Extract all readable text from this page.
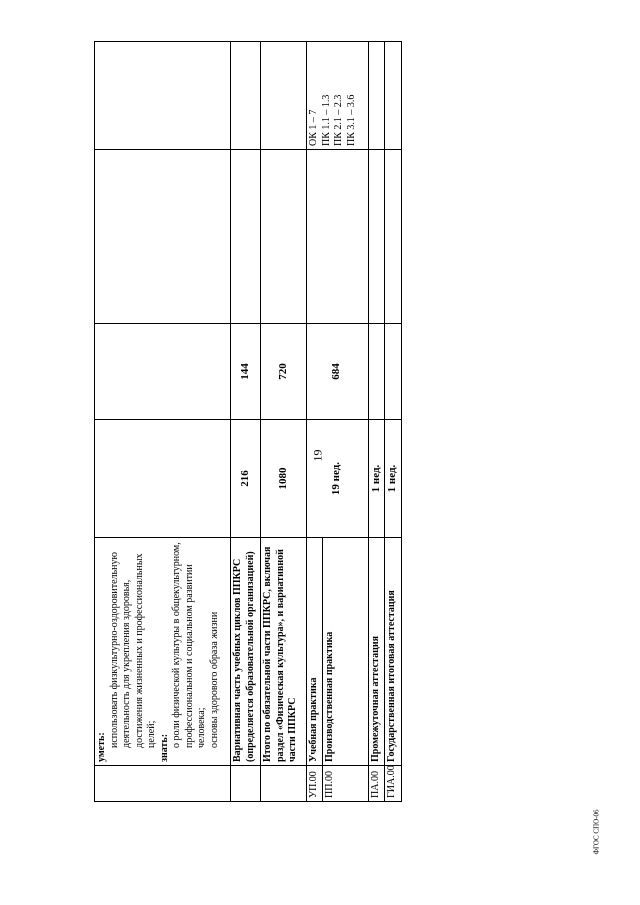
19
ФГОС СПО-06

	уметь: использовать физкультурно-оздоровительную деятельность для укрепления здоровья, достижения жизненных и профессиональных целей; знать: о роли физической культуры в общекультурном, профессиональном и социальном развитии человека; основы здорового образа жизни				

	Вариативная часть учебных циклов ППКРС (определяется образовательной организацией)	216	144		
	Итого по обязательной части ППКРС, включая раздел «Физическая культура», и вариативной части ППКРС	1080	720		
УП.00	Учебная практика	19 нед.	684		ОК 1 – 7 ПК 1.1 – 1.3 ПК 2.1 – 2.3 ПК 3.1 – 3.6

ПП.00	Производственная практика				
ПА.00	Промежуточная аттестация	1 нед.			
ГИА.00	Государственная итоговая аттестация	1 нед.			
